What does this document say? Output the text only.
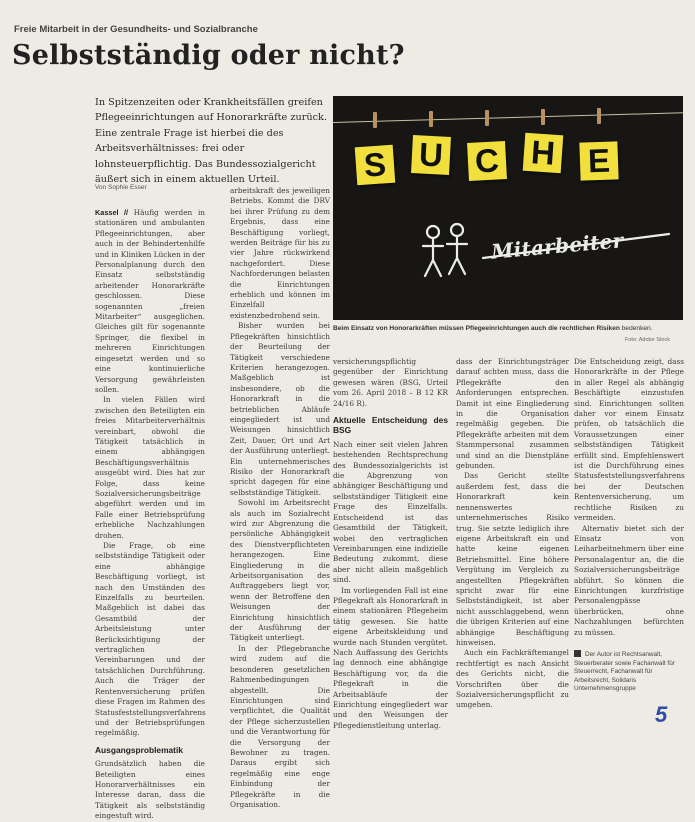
Freie Mitarbeit in der Gesundheits- und Sozialbranche
Selbstständig oder nicht?
In Spitzenzeiten oder Krankheitsfällen greifen Pflegeeinrichtungen auf Honorarkräfte zurück. Eine zentrale Frage ist hierbei die des Arbeitsverhältnisses: frei oder lohnsteuerpflichtig. Das Bundessozialgericht äußert sich in einem aktuellen Urteil.
Von Sophie Esser
S U C H E
Mitarbeiter
Beim Einsatz von Honorarkräften müssen Pflegeeinrichtungen auch die rechtlichen Risiken bedenken.
Foto: Adobe Stock

Kassel // Häufig werden in stationären und ambulanten Pflegeeinrichtungen, aber auch in der Behindertenhilfe und in Kliniken Lücken in der Personalplanung durch den Einsatz selbstständig arbeitender Honorarkräfte geschlossen. Diese sogenannten „freien Mitarbeiter“ ausgeglichen. Gleiches gilt für sogenannte Springer, die flexibel in mehreren Einrichtungen eingesetzt werden und so eine kontinuierliche Versorgung gewährleisten sollen.

In vielen Fällen wird zwischen den Beteiligten ein freies Mitarbeiterverhältnis vereinbart, obwohl die Tätigkeit tatsächlich in einem abhängigen Beschäftigungsverhältnis ausgeübt wird. Dies hat zur Folge, dass keine Sozialversicherungsbeiträge abgeführt werden und im Falle einer Betriebsprüfung erhebliche Nachzahlungen drohen.

Die Frage, ob eine selbstständige Tätigkeit oder eine abhängige Beschäftigung vorliegt, ist nach den Umständen des Einzelfalls zu beurteilen. Maßgeblich ist dabei das Gesamtbild der Arbeitsleistung unter Berücksichtigung der vertraglichen Vereinbarungen und der tatsächlichen Durchführung. Auch die Träger der Rentenversicherung prüfen diese Fragen im Rahmen des Statusfeststellungsverfahrens und der Betriebsprüfungen regelmäßig.

Ausgangsproblematik

Grundsätzlich haben die Beteiligten eines Honorarverhältnisses ein Interesse daran, dass die Tätigkeit als selbstständig eingestuft wird.

arbeitskraft des jeweiligen Betriebs. Kommt die DRV bei ihrer Prüfung zu dem Ergebnis, dass eine Beschäftigung vorliegt, werden Beiträge für bis zu vier Jahre rückwirkend nachgefordert. Diese Nachforderungen belasten die Einrichtungen erheblich und können im Einzelfall existenzbedrohend sein.

Bisher wurden bei Pflegekräften hinsichtlich der Beurteilung der Tätigkeit verschiedene Kriterien herangezogen. Maßgeblich ist insbesondere, ob die Honorarkraft in die betrieblichen Abläufe eingegliedert ist und Weisungen hinsichtlich Zeit, Dauer, Ort und Art der Ausführung unterliegt. Ein unternehmerisches Risiko der Honorarkraft spricht dagegen für eine selbstständige Tätigkeit.

Sowohl im Arbeitsrecht als auch im Sozialrecht wird zur Abgrenzung die persönliche Abhängigkeit des Dienstverpflichteten herangezogen. Eine Eingliederung in die Arbeitsorganisation des Auftraggebers liegt vor, wenn der Betroffene den Weisungen der Einrichtung hinsichtlich der Ausführung der Tätigkeit unterliegt.

In der Pflegebranche wird zudem auf die besonderen gesetzlichen Rahmenbedingungen abgestellt. Die Einrichtungen sind verpflichtet, die Qualität der Pflege sicherzustellen und die Verantwortung für die Versorgung der Bewohner zu tragen. Daraus ergibt sich regelmäßig eine enge Einbindung der Pflegekräfte in die Organisation.

versicherungspflichtig gegenüber der Einrichtung gewesen wären (BSG, Urteil vom 26. April 2018 – B 12 KR 24/16 R).

Aktuelle Entscheidung des BSG

Nach einer seit vielen Jahren bestehenden Rechtsprechung des Bundessozialgerichts ist die Abgrenzung von abhängiger Beschäftigung und selbstständiger Tätigkeit eine Frage des Einzelfalls. Entscheidend ist das Gesamtbild der Tätigkeit, wobei den vertraglichen Vereinbarungen eine indizielle Bedeutung zukommt, diese aber nicht allein maßgeblich sind.

Im vorliegenden Fall ist eine Pflegekraft als Honorarkraft in einem stationären Pflegeheim tätig gewesen. Sie hatte eigene Arbeitskleidung und wurde nach Stunden vergütet. Nach Auffassung des Gerichts lag dennoch eine abhängige Beschäftigung vor, da die Pflegekraft in die Arbeitsabläufe der Einrichtung eingegliedert war und den Weisungen der Pflegedienstleitung unterlag.

dass der Einrichtungsträger darauf achten muss, dass die Pflegekräfte den Anforderungen entsprechen. Damit ist eine Eingliederung in die Organisation regelmäßig gegeben. Die Pflegekräfte arbeiten mit dem Stammpersonal zusammen und sind an die Dienstpläne gebunden.

Das Gericht stellte außerdem fest, dass die Honorarkraft kein nennenswertes unternehmerisches Risiko trug. Sie setzte lediglich ihre eigene Arbeitskraft ein und hatte keine eigenen Betriebsmittel. Eine höhere Vergütung im Vergleich zu angestellten Pflegekräften spricht zwar für eine Selbstständigkeit, ist aber nicht ausschlaggebend, wenn die übrigen Kriterien auf eine abhängige Beschäftigung hinweisen.

Auch ein Fachkräftemangel rechtfertigt es nach Ansicht des Gerichts nicht, die Vorschriften über die Sozialversicherungspflicht zu umgehen.

Die Entscheidung zeigt, dass Honorarkräfte in der Pflege in aller Regel als abhängig Beschäftigte einzustufen sind. Einrichtungen sollten daher vor einem Einsatz prüfen, ob tatsächlich die Voraussetzungen einer selbstständigen Tätigkeit erfüllt sind. Empfehlenswert ist die Durchführung eines Statusfeststellungsverfahrens bei der Deutschen Rentenversicherung, um rechtliche Risiken zu vermeiden.

Alternativ bietet sich der Einsatz von Leiharbeitnehmern über eine Personalagentur an, die die Sozialversicherungsbeiträge abführt. So können die Einrichtungen kurzfristige Personalengpässe überbrücken, ohne Nachzahlungen befürchten zu müssen.

Der Autor ist Rechtsanwalt, Steuerberater sowie Fachanwalt für Steuerrecht, Fachanwalt für Arbeitsrecht, Solidaris Unternehmensgruppe
5
